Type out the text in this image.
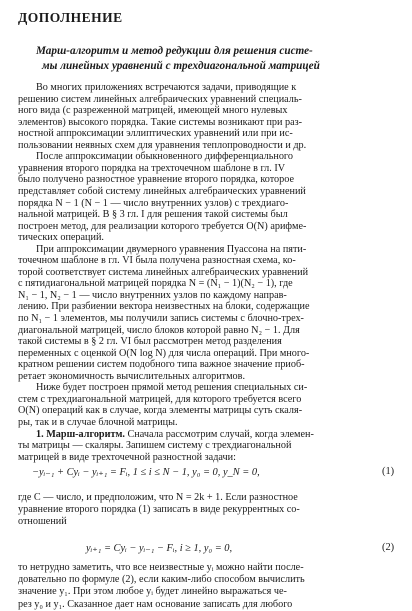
ДОПОЛНЕНИЕ
Марш-алгоритм и метод редукции для решения систе-
мы линейных уравнений с трехдиагональной матрицей
Во многих приложениях встречаются задачи, приводящие к
решению систем линейных алгебраических уравнений специаль-
ного вида (с разреженной матрицей, имеющей много нулевых
элементов) высокого порядка. Такие системы возникают при раз-
ностной аппроксимации эллиптических уравнений или при ис-
пользовании неявных схем для уравнения теплопроводности и др.
После аппроксимации обыкновенного дифференциального
уравнения второго порядка на трехточечном шаблоне в гл. IV
было получено разностное уравнение второго порядка, которое
представляет собой систему линейных алгебраических уравнений
порядка N − 1 (N − 1 — число внутренних узлов) с трехдиаго-
нальной матрицей. В § 3 гл. I для решения такой системы был
построен метод, для реализации которого требуется O(N) арифме-
тических операций.
При аппроксимации двумерного уравнения Пуассона на пяти-
точечном шаблоне в гл. VI была получена разностная схема, ко-
торой соответствует система линейных алгебраических уравнений
с пятидиагональной матрицей порядка N = (N₁ − 1)(N₂ − 1), где
N₁ − 1, N₂ − 1 — число внутренних узлов по каждому направ-
лению. При разбиении вектора неизвестных на блоки, содержащие
по N₁ − 1 элементов, мы получили запись системы с блочно-трех-
диагональной матрицей, число блоков которой равно N₂ − 1. Для
такой системы в § 2 гл. VI был рассмотрен метод разделения
переменных с оценкой O(N log N) для числа операций. При много-
кратном решении систем подобного типа важное значение приоб-
ретает экономичность вычислительных алгоритмов.
Ниже будет построен прямой метод решения специальных си-
стем с трехдиагональной матрицей, для которого требуется всего
O(N) операций как в случае, когда элементы матрицы суть скаля-
ры, так и в случае блочной матрицы.
1. Марш-алгоритм. Сначала рассмотрим случай, когда элемен-
ты матрицы — скаляры. Запишем систему с трехдиагональной
матрицей в виде трехточечной разностной задачи:
−yᵢ₋₁ + Cyᵢ − yᵢ₊₁ = Fᵢ, 1 ≤ i ≤ N − 1, y₀ = 0, y_N = 0,	(1)
где C — число, и предположим, что N = 2k + 1. Если разностное
уравнение второго порядка (1) записать в виде рекуррентных со-
отношений
yᵢ₊₁ = Cyᵢ − yᵢ₋₁ − Fᵢ, i ≥ 1, y₀ = 0,	(2)
то нетрудно заметить, что все неизвестные yᵢ можно найти после-
довательно по формуле (2), если каким-либо способом вычислить
значение y₁. При этом любое yᵢ будет линейно выражаться че-
рез y₀ и y₁. Сказанное дает нам основание записать для любого
